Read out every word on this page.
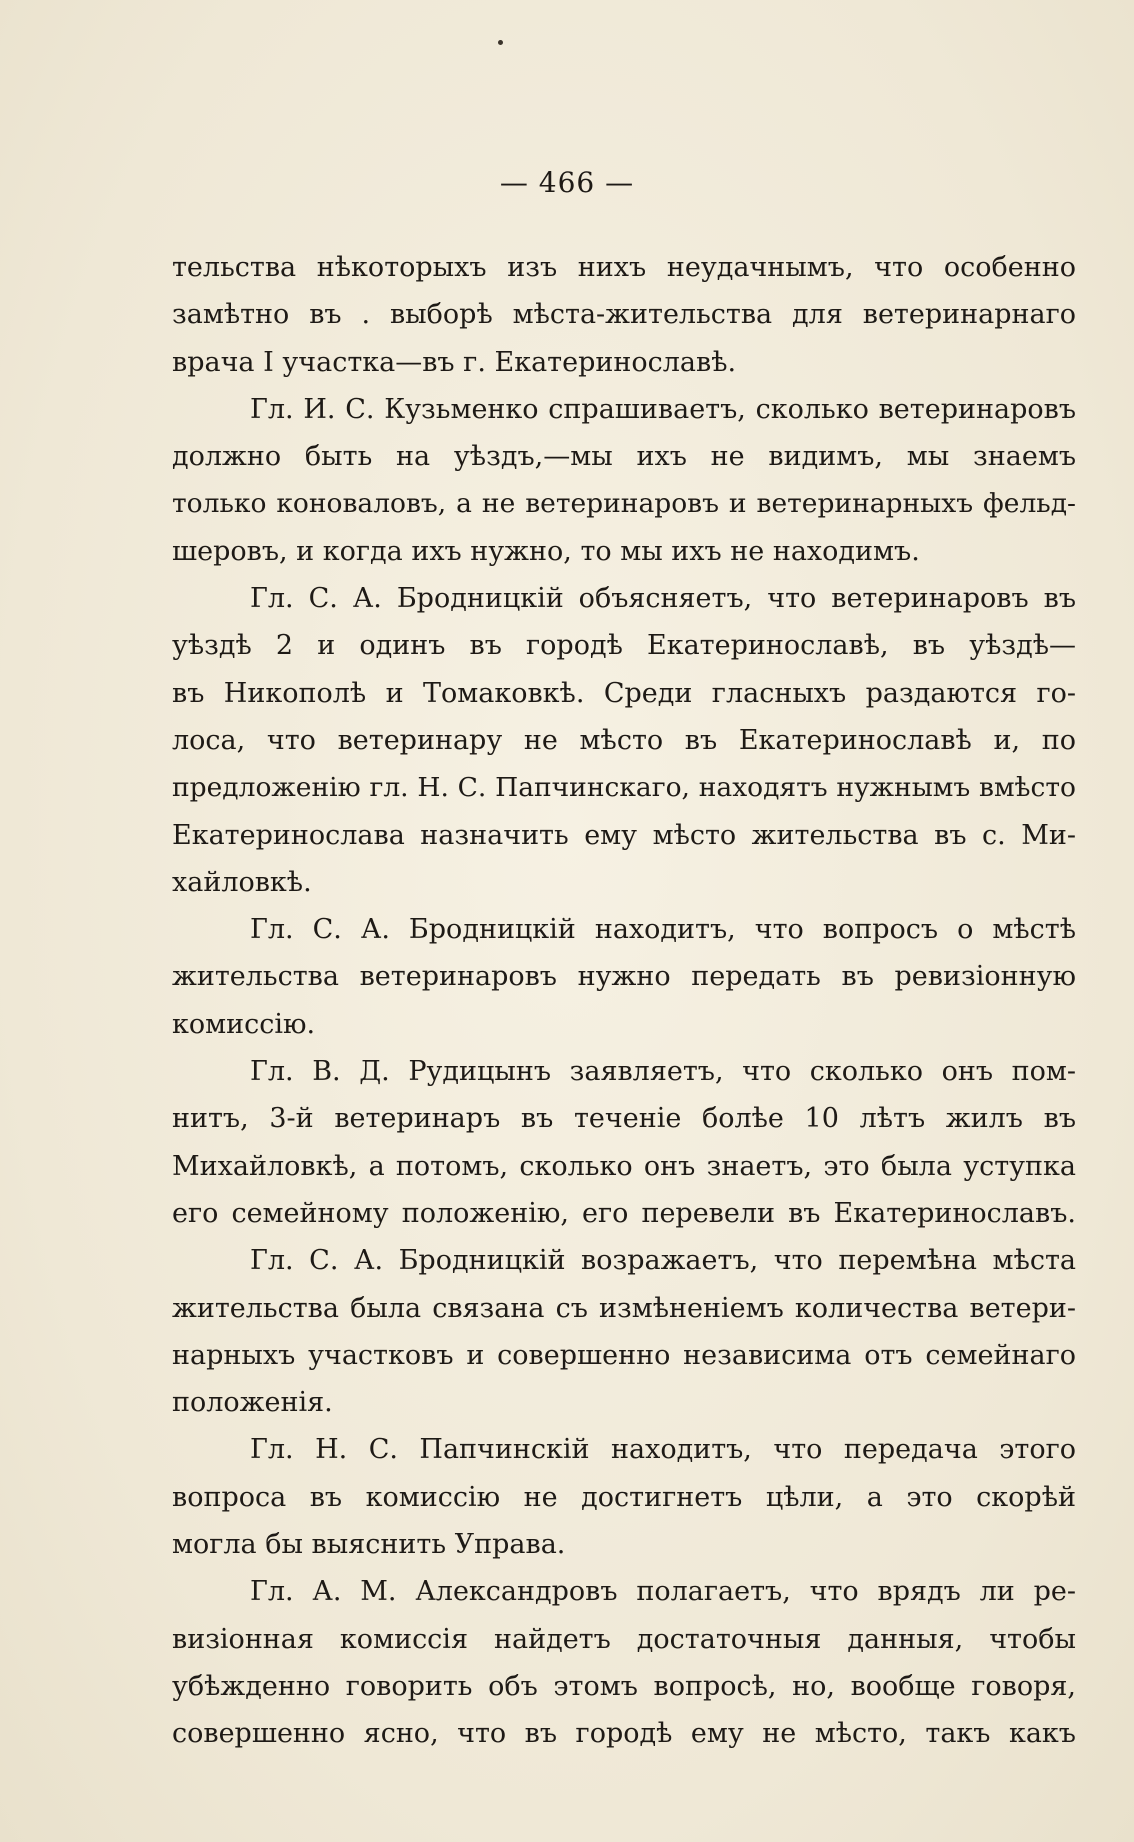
— 466 —
тельства нѣкоторыхъ изъ нихъ неудачнымъ, что особенно
замѣтно въ . выборѣ мѣста-жительства для ветеринарнаго
врача I участка—въ г. Екатеринославѣ.
Гл. И. С. Кузьменко спрашиваетъ, сколько ветеринаровъ
должно быть на уѣздъ,—мы ихъ не видимъ, мы знаемъ
только коноваловъ, а не ветеринаровъ и ветеринарныхъ фельд-
шеровъ, и когда ихъ нужно, то мы ихъ не находимъ.
Гл. С. А. Бродницкій объясняетъ, что ветеринаровъ въ
уѣздѣ 2 и одинъ въ городѣ Екатеринославѣ, въ уѣздѣ—
въ Никополѣ и Томаковкѣ. Среди гласныхъ раздаются го-
лоса, что ветеринару не мѣсто въ Екатеринославѣ и, по
предложенію гл. Н. С. Папчинскаго, находятъ нужнымъ вмѣсто
Екатеринослава назначить ему мѣсто жительства въ с. Ми-
хайловкѣ.
Гл. С. А. Бродницкій находитъ, что вопросъ о мѣстѣ
жительства ветеринаровъ нужно передать въ ревизіонную
комиссію.
Гл. В. Д. Рудицынъ заявляетъ, что сколько онъ пом-
нитъ, 3-й ветеринаръ въ теченіе болѣе 10 лѣтъ жилъ въ
Михайловкѣ, а потомъ, сколько онъ знаетъ, это была уступка
его семейному положенію, его перевели въ Екатеринославъ.
Гл. С. А. Бродницкій возражаетъ, что перемѣна мѣста
жительства была связана съ измѣненіемъ количества ветери-
нарныхъ участковъ и совершенно независима отъ семейнаго
положенія.
Гл. Н. С. Папчинскій находитъ, что передача этого
вопроса въ комиссію не достигнетъ цѣли, а это скорѣй
могла бы выяснить Управа.
Гл. А. М. Александровъ полагаетъ, что врядъ ли ре-
визіонная комиссія найдетъ достаточныя данныя, чтобы
убѣжденно говорить объ этомъ вопросѣ, но, вообще говоря,
совершенно ясно, что въ городѣ ему не мѣсто, такъ какъ
